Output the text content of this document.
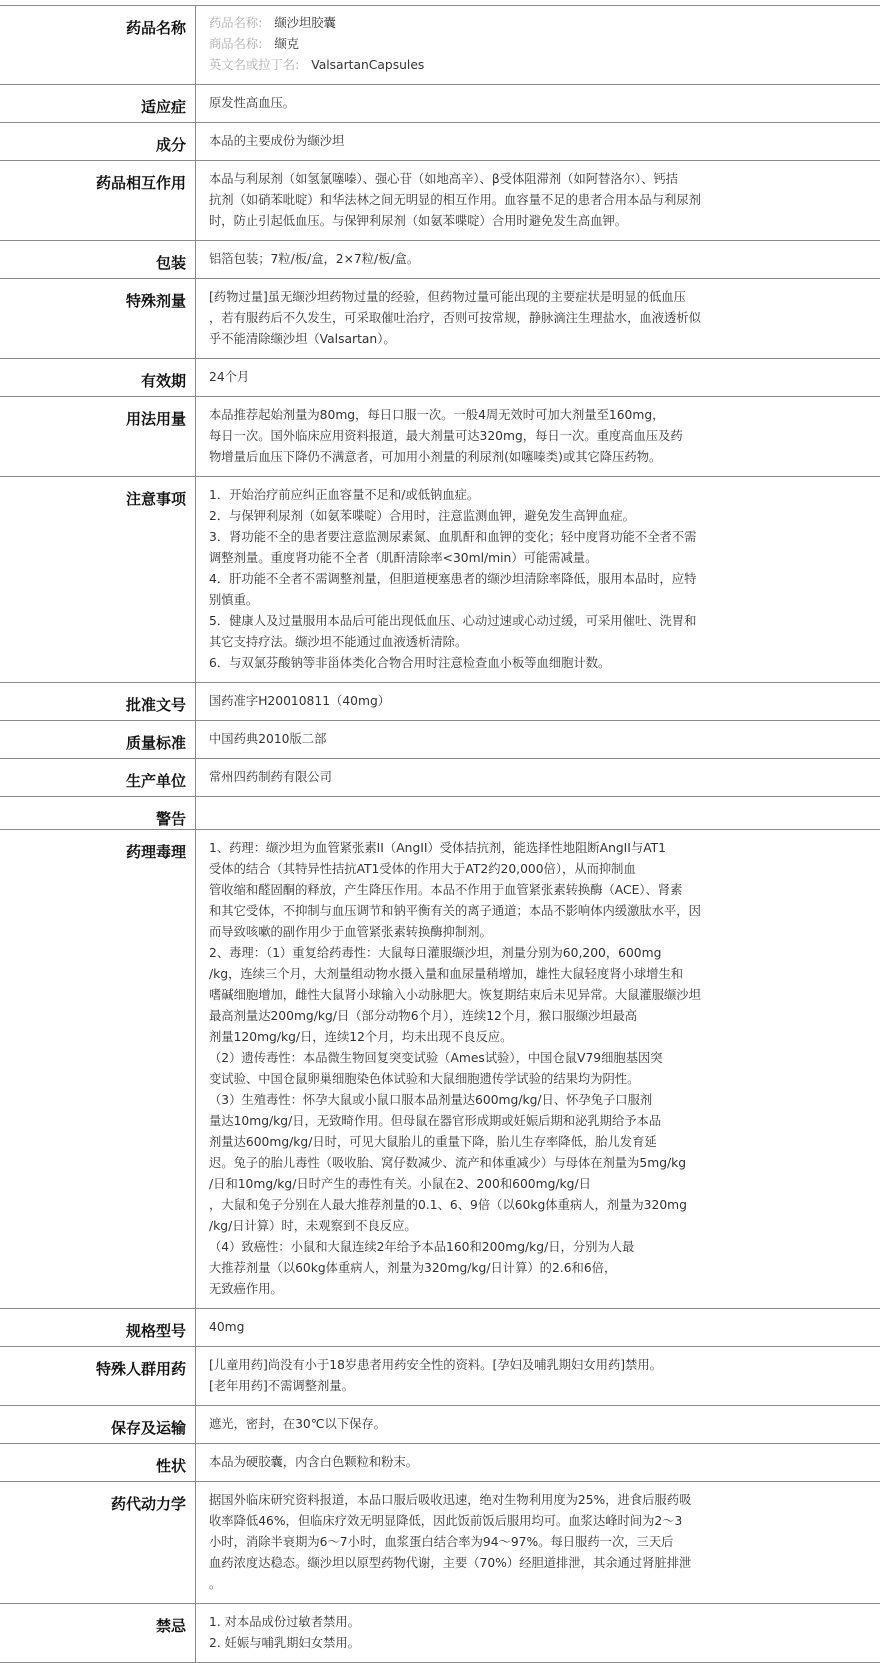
药品名称	药品名称: 缬沙坦胶囊
商品名称: 缬克
英文名或拉丁名: ValsartanCapsules
适应症	原发性高血压。
成分	本品的主要成份为缬沙坦
药品相互作用	本品与利尿剂（如氢氯噻嗪）、强心苷（如地高辛）、β受体阻滞剂（如阿替洛尔）、钙拮
抗剂（如硝苯吡啶）和华法林之间无明显的相互作用。血容量不足的患者合用本品与利尿剂
时，防止引起低血压。与保钾利尿剂（如氨苯喋啶）合用时避免发生高血钾。
包装	铝箔包装；7粒/板/盒，2×7粒/板/盒。
特殊剂量	[药物过量]虽无缬沙坦药物过量的经验，但药物过量可能出现的主要症状是明显的低血压
，若有服药后不久发生，可采取催吐治疗，否则可按常规，静脉滴注生理盐水，血液透析似
乎不能清除缬沙坦（Valsartan）。
有效期	24个月
用法用量	本品推荐起始剂量为80mg，每日口服一次。一般4周无效时可加大剂量至160mg，
每日一次。国外临床应用资料报道，最大剂量可达320mg，每日一次。重度高血压及药
物增量后血压下降仍不满意者，可加用小剂量的利尿剂(如噻嗪类)或其它降压药物。
注意事项	1．开始治疗前应纠正血容量不足和/或低钠血症。
2．与保钾利尿剂（如氨苯喋啶）合用时，注意监测血钾，避免发生高钾血症。
3．肾功能不全的患者要注意监测尿素氮、血肌酐和血钾的变化；轻中度肾功能不全者不需
调整剂量。重度肾功能不全者（肌酐清除率<30ml/min）可能需减量。
4．肝功能不全者不需调整剂量，但胆道梗塞患者的缬沙坦清除率降低，服用本品时，应特
别慎重。
5．健康人及过量服用本品后可能出现低血压、心动过速或心动过缓，可采用催吐、洗胃和
其它支持疗法。缬沙坦不能通过血液透析清除。
6．与双氯芬酸钠等非甾体类化合物合用时注意检查血小板等血细胞计数。
批准文号	国药准字H20010811（40mg）
质量标准	中国药典2010版二部
生产单位	常州四药制药有限公司
警告
药理毒理	1、药理：缬沙坦为血管紧张素II（AngII）受体拮抗剂，能选择性地阻断AngII与AT1
受体的结合（其特异性拮抗AT1受体的作用大于AT2约20,000倍），从而抑制血
管收缩和醛固酮的释放，产生降压作用。本品不作用于血管紧张素转换酶（ACE）、肾素
和其它受体，不抑制与血压调节和钠平衡有关的离子通道；本品不影响体内缓激肽水平，因
而导致咳嗽的副作用少于血管紧张素转换酶抑制剂。
2、毒理：（1）重复给药毒性：大鼠每日灌服缬沙坦，剂量分别为60,200，600mg
/kg，连续三个月，大剂量组动物水摄入量和血尿量稍增加，雄性大鼠轻度肾小球增生和
嗜碱细胞增加，雌性大鼠肾小球输入小动脉肥大。恢复期结束后未见异常。大鼠灌服缬沙坦
最高剂量达200mg/kg/日（部分动物6个月），连续12个月，猴口服缬沙坦最高
剂量120mg/kg/日，连续12个月，均未出现不良反应。
（2）遗传毒性：本品微生物回复突变试验（Ames试验），中国仓鼠V79细胞基因突
变试验、中国仓鼠卵巢细胞染色体试验和大鼠细胞遗传学试验的结果均为阴性。
（3）生殖毒性：怀孕大鼠或小鼠口服本品剂量达600mg/kg/日、怀孕兔子口服剂
量达10mg/kg/日，无致畸作用。但母鼠在器官形成期或妊娠后期和泌乳期给予本品
剂量达600mg/kg/日时，可见大鼠胎儿的重量下降，胎儿生存率降低，胎儿发育延
迟。兔子的胎儿毒性（吸收胎、窝仔数减少、流产和体重减少）与母体在剂量为5mg/kg
/日和10mg/kg/日时产生的毒性有关。小鼠在2、200和600mg/kg/日
，大鼠和兔子分别在人最大推荐剂量的0.1、6、9倍（以60kg体重病人，剂量为320mg
/kg/日计算）时，未观察到不良反应。
（4）致癌性：小鼠和大鼠连续2年给予本品160和200mg/kg/日，分别为人最
大推荐剂量（以60kg体重病人，剂量为320mg/kg/日计算）的2.6和6倍，
无致癌作用。
规格型号	40mg
特殊人群用药	[儿童用药]尚没有小于18岁患者用药安全性的资料。[孕妇及哺乳期妇女用药]禁用。
[老年用药]不需调整剂量。
保存及运输	遮光，密封，在30℃以下保存。
性状	本品为硬胶囊，内含白色颗粒和粉末。
药代动力学	据国外临床研究资料报道，本品口服后吸收迅速，绝对生物利用度为25%，进食后服药吸
收率降低46%，但临床疗效无明显降低，因此饭前饭后服用均可。血浆达峰时间为2～3
小时，消除半衰期为6～7小时，血浆蛋白结合率为94～97%。每日服药一次，三天后
血药浓度达稳态。缬沙坦以原型药物代谢，主要（70%）经胆道排泄，其余通过肾脏排泄
。
禁忌	1. 对本品成份过敏者禁用。
2. 妊娠与哺乳期妇女禁用。
